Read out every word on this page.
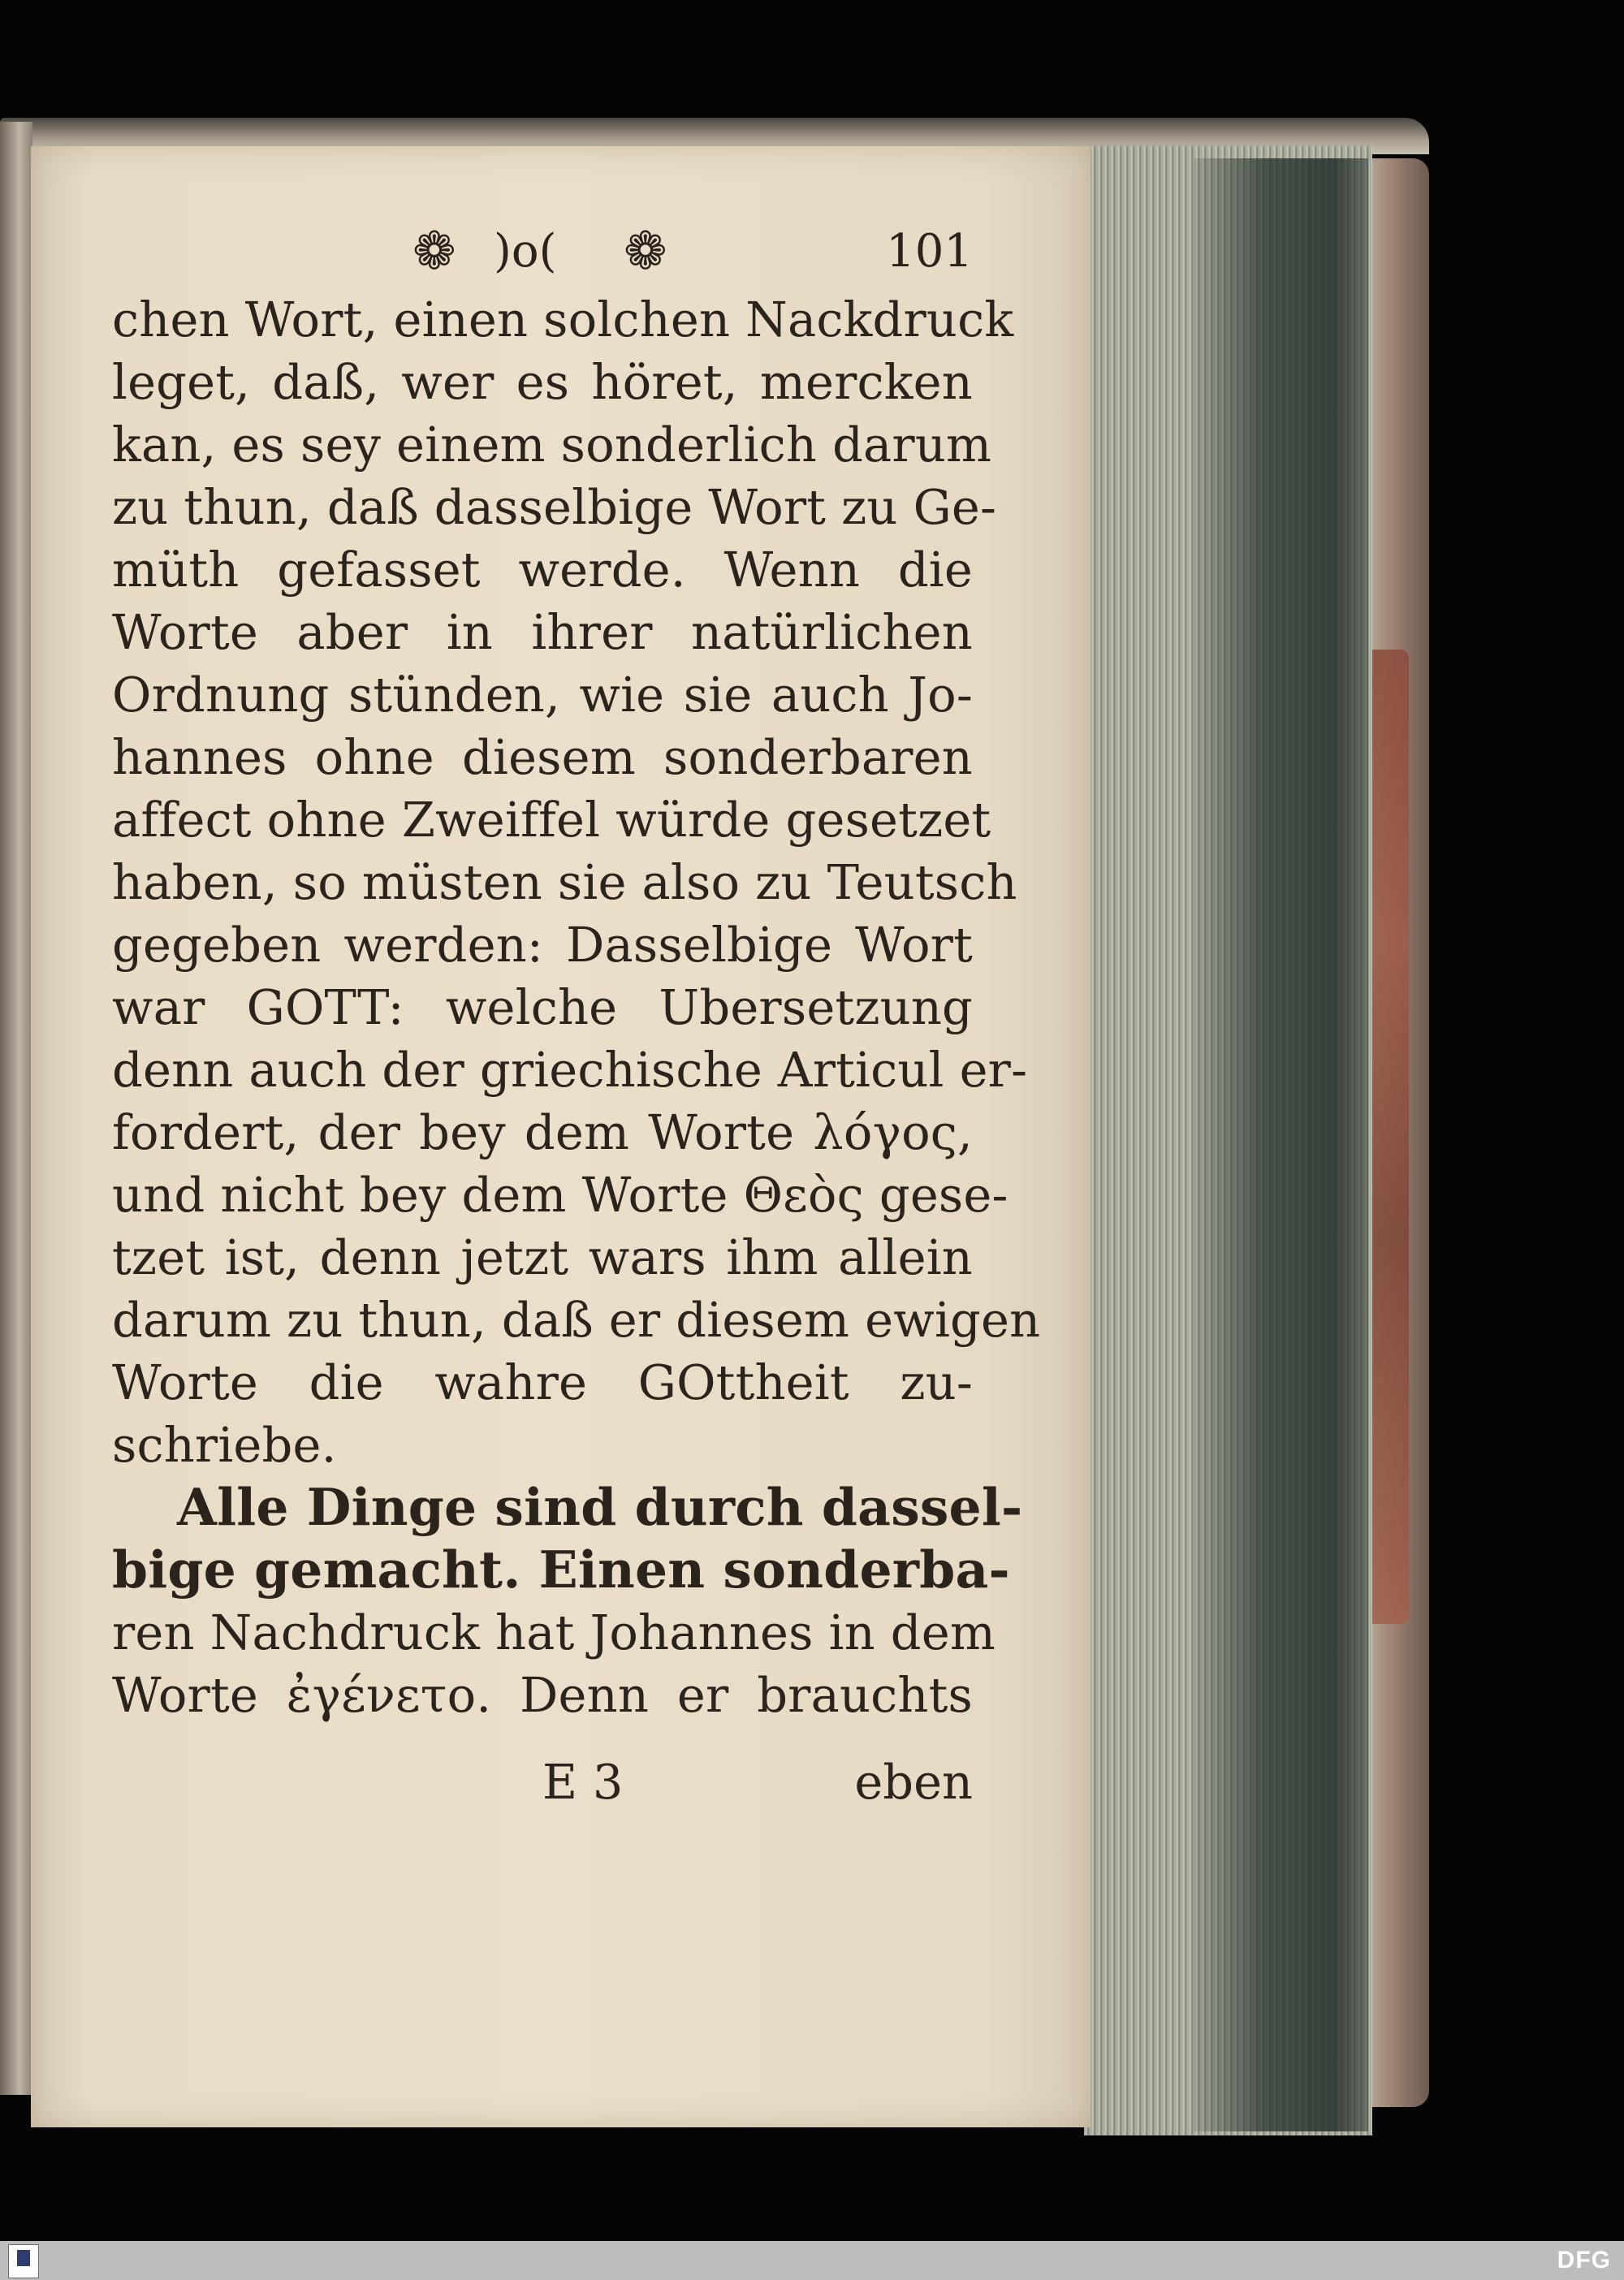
❁ )o( ❁	101
chen Wort, einen solchen Nackdruck
leget, daß, wer es höret, mercken
kan, es sey einem sonderlich darum
zu thun, daß dasselbige Wort zu Ge-
müth gefasset werde. Wenn die
Worte aber in ihrer natürlichen
Ordnung stünden, wie sie auch Jo-
hannes ohne diesem sonderbaren
affect ohne Zweiffel würde gesetzet
haben, so müsten sie also zu Teutsch
gegeben werden: Dasselbige Wort
war GOTT: welche Ubersetzung
denn auch der griechische Articul er-
fordert, der bey dem Worte λόγος,
und nicht bey dem Worte Θεὸς gese-
tzet ist, denn jetzt wars ihm allein
darum zu thun, daß er diesem ewigen
Worte die wahre GOttheit zu-
schriebe.
Alle Dinge sind durch dassel-
bige gemacht. Einen sonderba-
ren Nachdruck hat Johannes in dem
Worte ἐγένετο. Denn er brauchts
E 3	eben
DFG
